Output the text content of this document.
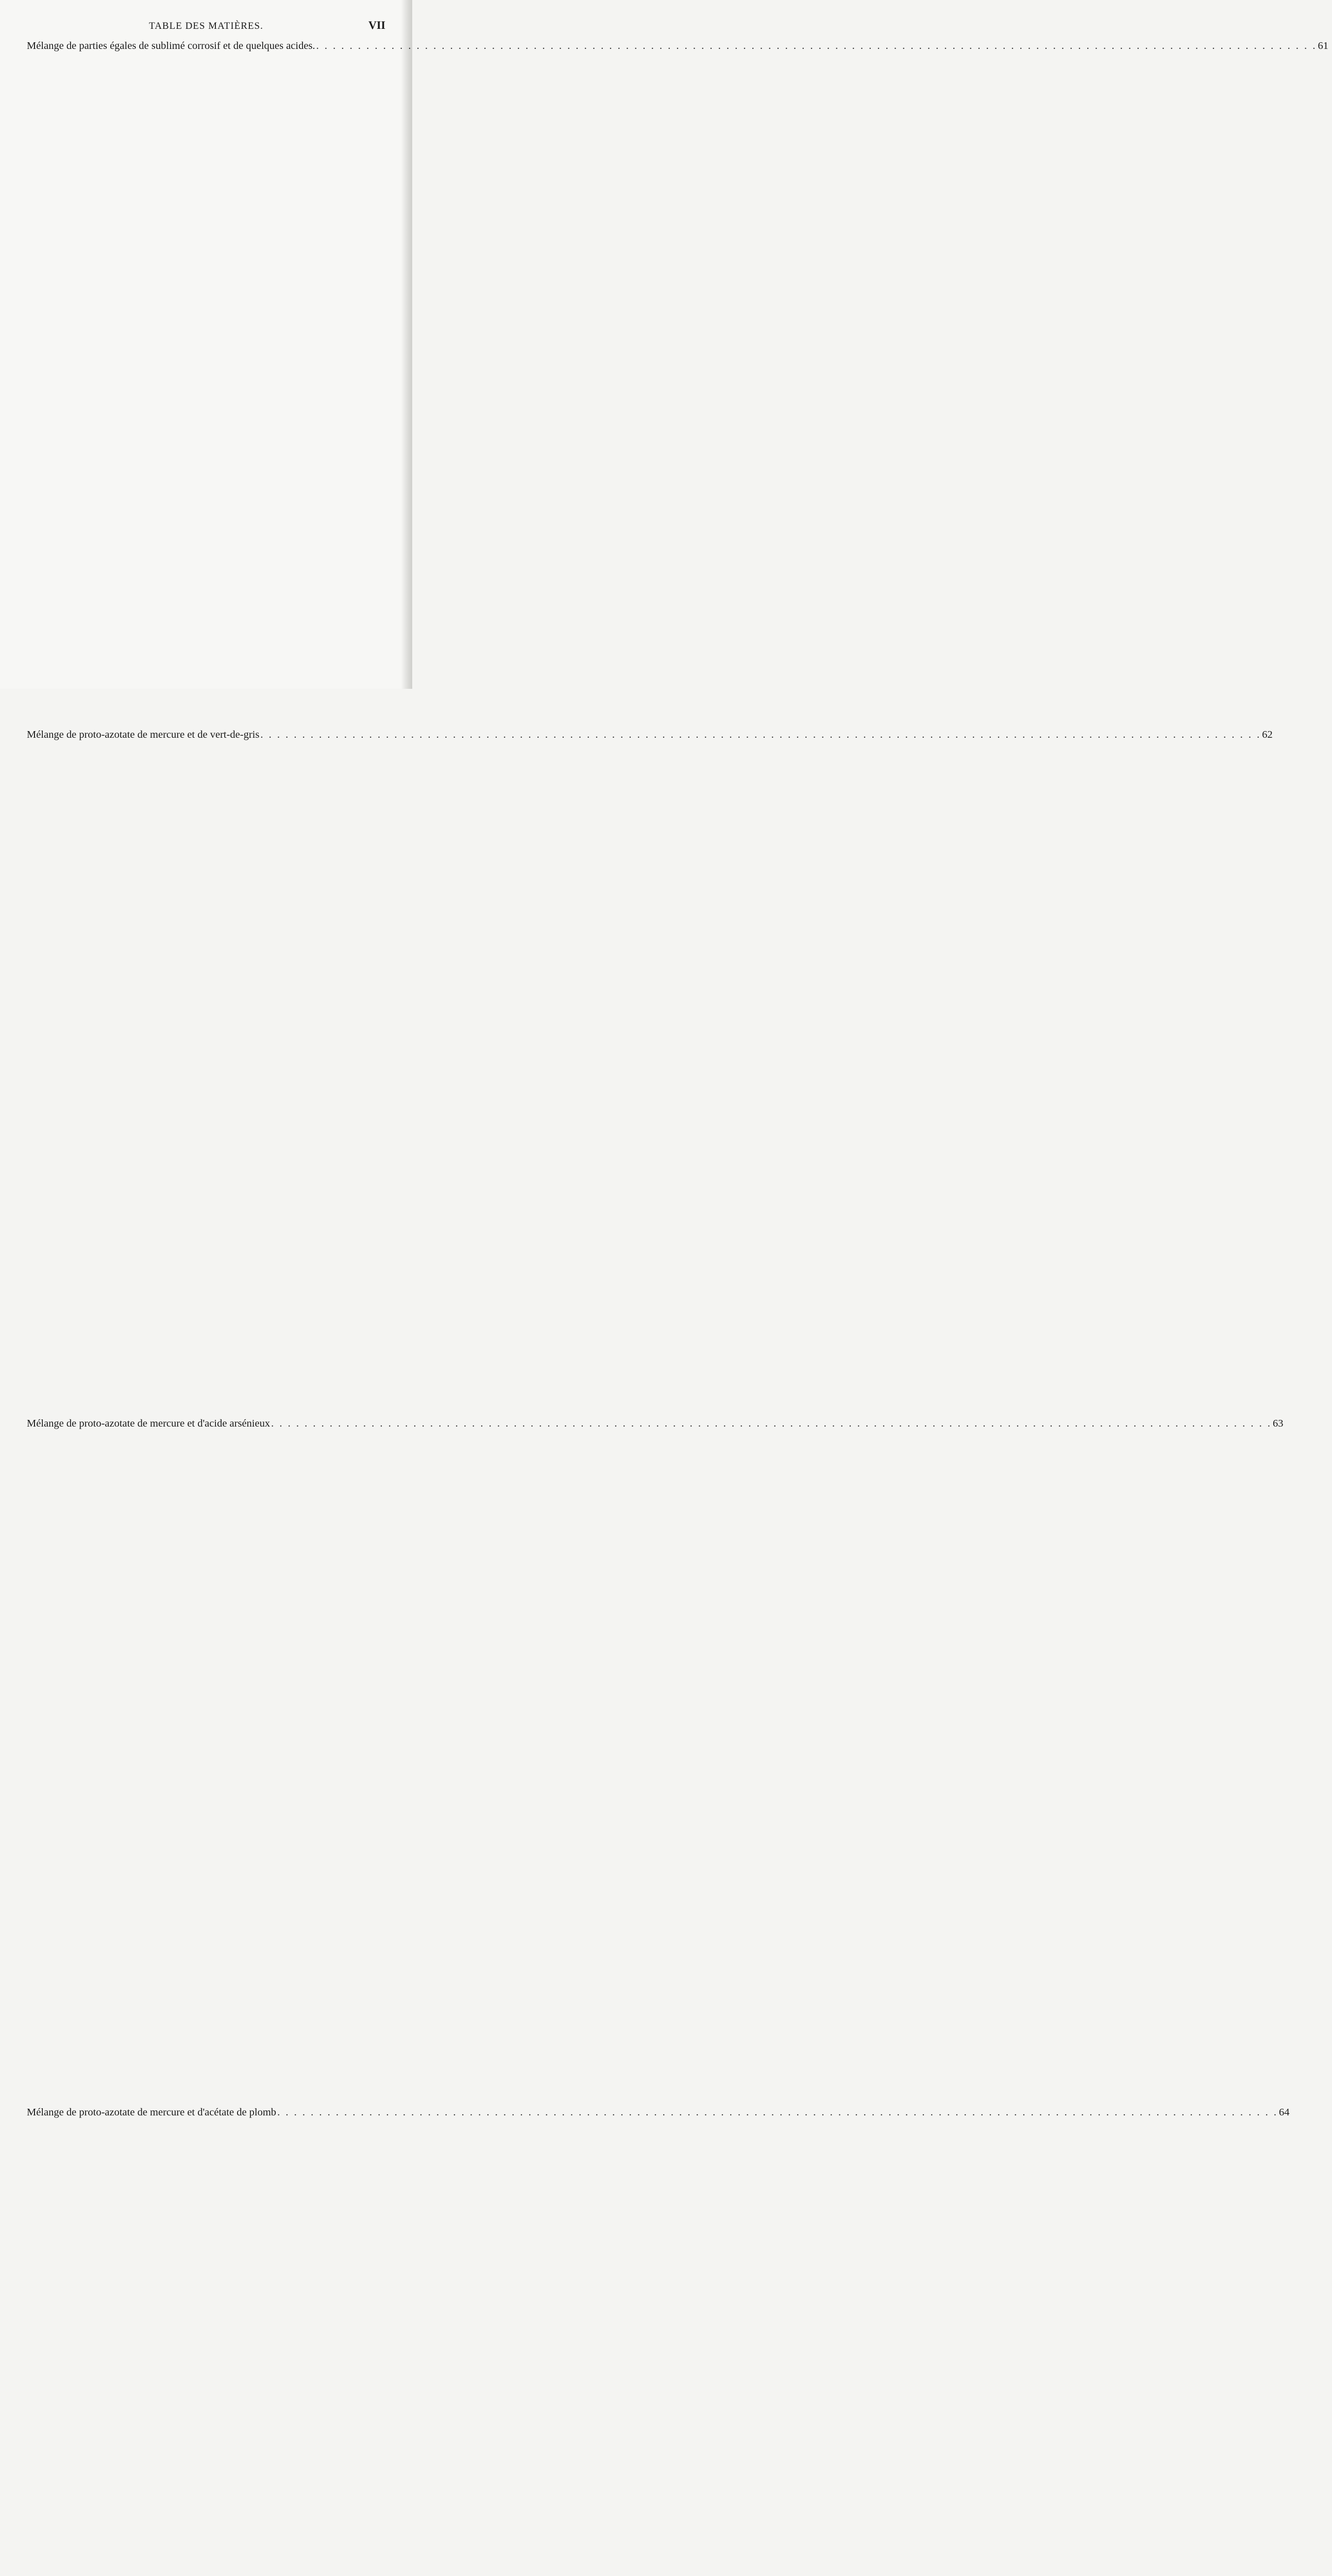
TABLE DES MATIÈRES.	VII
Mélange de parties égales de sublimé corrosif et de quelques acides. . . . . . . . . . . . . . . . . . . . . . . . . . . . . . . . . . . . . . . . . . . . . . . . . . . . . . . . . . . . . . . . . . . . . . . . . . . . . . . . . . . . . . . . . . . . . . . . . . . . . . . . . . . . . . . . . . . . . . . . . 61
Mélange de proto-azotate de mercure et de vert-de-gris . . . . . . . . . . . . . . . . . . . . . . . . . . . . . . . . . . . . . . . . . . . . . . . . . . . . . . . . . . . . . . . . . . . . . . . . . . . . . . . . . . . . . . . . . . . . . . . . . . . . . . . . . . . . . . . . . . . . . . . . 62
Mélange de proto-azotate de mercure et d'acide arsénieux . . . . . . . . . . . . . . . . . . . . . . . . . . . . . . . . . . . . . . . . . . . . . . . . . . . . . . . . . . . . . . . . . . . . . . . . . . . . . . . . . . . . . . . . . . . . . . . . . . . . . . . . . . . . . . . . . . . . . . . . 63
Mélange de proto-azotate de mercure et d'acétate de plomb . . . . . . . . . . . . . . . . . . . . . . . . . . . . . . . . . . . . . . . . . . . . . . . . . . . . . . . . . . . . . . . . . . . . . . . . . . . . . . . . . . . . . . . . . . . . . . . . . . . . . . . . . . . . . . . . . . . . . . . . 64
